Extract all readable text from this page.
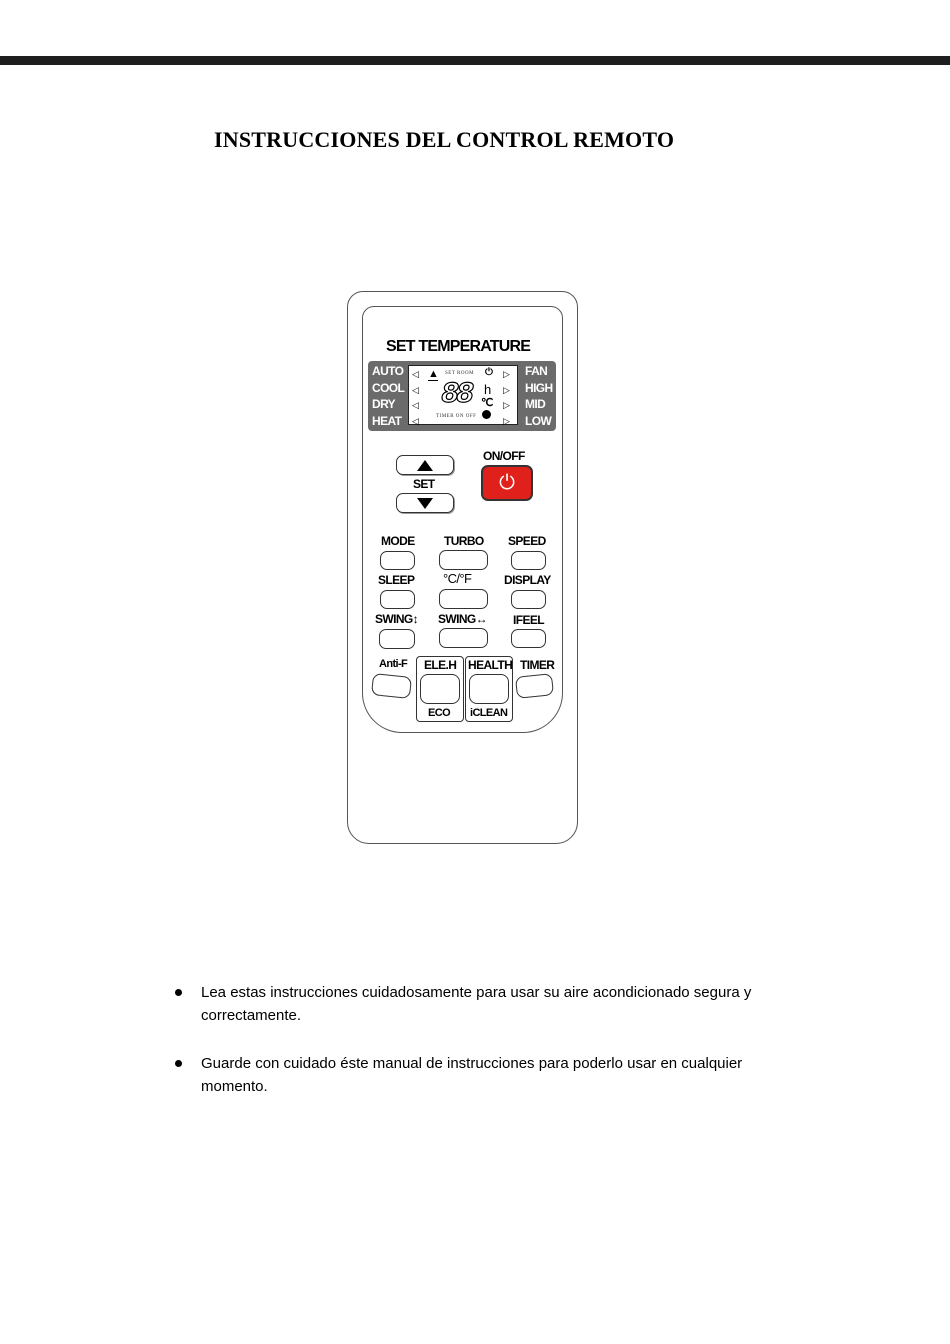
INSTRUCCIONES DEL CONTROL REMOTO
SET TEMPERATURE
AUTO
COOL
DRY
HEAT
FAN
HIGH
MID
LOW
◁
◁
◁
◁
▷
▷
▷
▷
▲ SET ROOM ⏻
88 h
℃
TIMER ON OFF
SET
ON/OFF
⏻
MODE TURBO SPEED
SLEEP °C/°F	DISPLAY
SWING↕ SWING↔ IFEEL
Anti-F ELE.H
ECO
HEALTH
iCLEAN
TIMER
Lea estas instrucciones cuidadosamente para usar su aire acondicionado segura y correctamente.
Guarde con cuidado éste manual de instrucciones para poderlo usar en cualquier momento.
